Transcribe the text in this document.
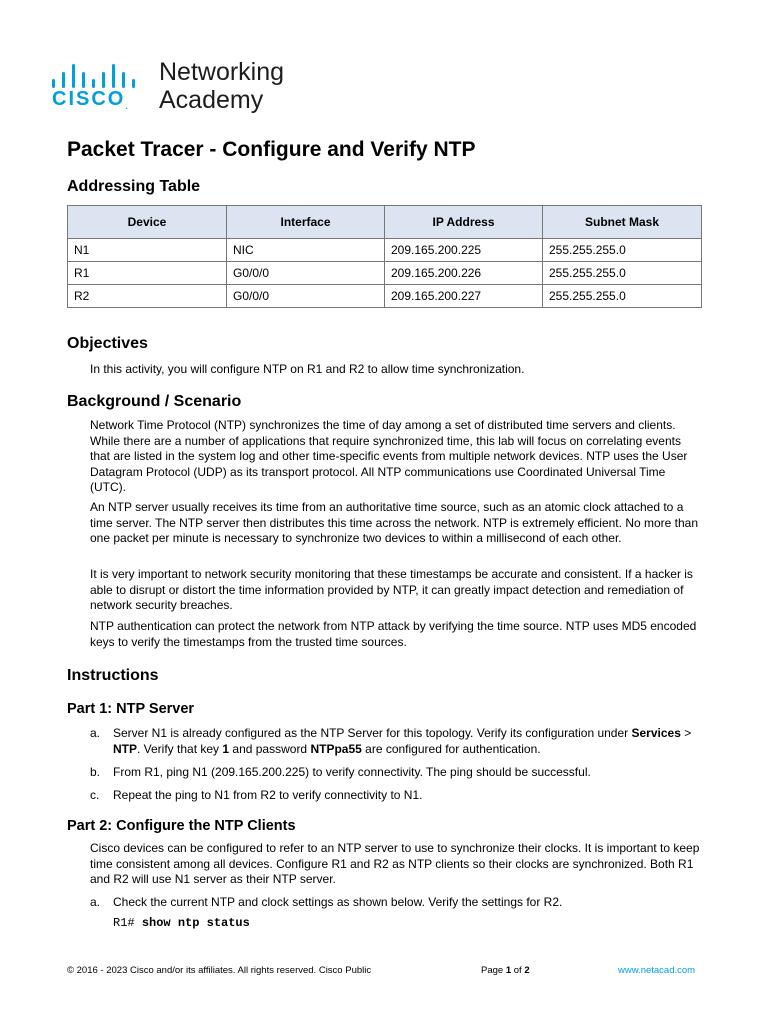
CISCO.
Networking
Academy
Packet Tracer - Configure and Verify NTP
Addressing Table
Device	Interface	IP Address	Subnet Mask
N1	NIC	209.165.200.225	255.255.255.0
R1	G0/0/0	209.165.200.226	255.255.255.0
R2	G0/0/0	209.165.200.227	255.255.255.0
Objectives

In this activity, you will configure NTP on R1 and R2 to allow time synchronization.

Background / Scenario

Network Time Protocol (NTP) synchronizes the time of day among a set of distributed time servers and clients. While there are a number of applications that require synchronized time, this lab will focus on correlating events that are listed in the system log and other time-specific events from multiple network devices. NTP uses the User Datagram Protocol (UDP) as its transport protocol. All NTP communications use Coordinated Universal Time (UTC).

An NTP server usually receives its time from an authoritative time source, such as an atomic clock attached to a time server. The NTP server then distributes this time across the network. NTP is extremely efficient. No more than one packet per minute is necessary to synchronize two devices to within a millisecond of each other.

It is very important to network security monitoring that these timestamps be accurate and consistent. If a hacker is able to disrupt or distort the time information provided by NTP, it can greatly impact detection and remediation of network security breaches.

NTP authentication can protect the network from NTP attack by verifying the time source. NTP uses MD5 encoded keys to verify the timestamps from the trusted time sources.

Instructions
Part 1: NTP Server
a. Server N1 is already configured as the NTP Server for this topology. Verify its configuration under Services > NTP. Verify that key 1 and password NTPpa55 are configured for authentication.
b. From R1, ping N1 (209.165.200.225) to verify connectivity. The ping should be successful.
c. Repeat the ping to N1 from R2 to verify connectivity to N1.
Part 2: Configure the NTP Clients

Cisco devices can be configured to refer to an NTP server to use to synchronize their clocks. It is important to keep time consistent among all devices. Configure R1 and R2 as NTP clients so their clocks are synchronized. Both R1 and R2 will use N1 server as their NTP server.

a. Check the current NTP and clock settings as shown below. Verify the settings for R2.
R1# show ntp status
© 2016 - 2023 Cisco and/or its affiliates. All rights reserved. Cisco Public	Page 1 of 2	www.netacad.com
